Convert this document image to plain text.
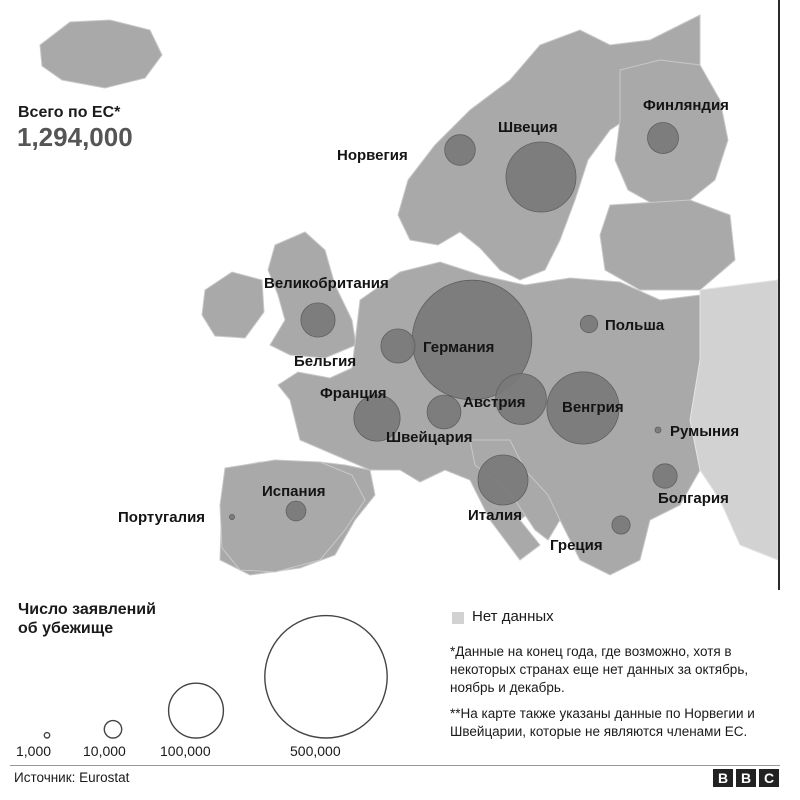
Норвегия
Швеция
Финляндия
Великобритания
Германия
Польша
Бельгия
Франция
Австрия Венгрия
Швейцария	Румыния
Испания
Португалия	Италия
Болгария
Греция
Всего по ЕС*
1,294,000
Число заявлений
об убежище
1,000 10,000 100,000	500,000
Нет данных
*Данные на конец года, где возможно, хотя в некоторых странах еще нет данных за октябрь, ноябрь и декабрь.
**На карте также указаны данные по Норвегии и Швейцарии, которые не являются членами ЕС.
Источник: Eurostat	B B C
